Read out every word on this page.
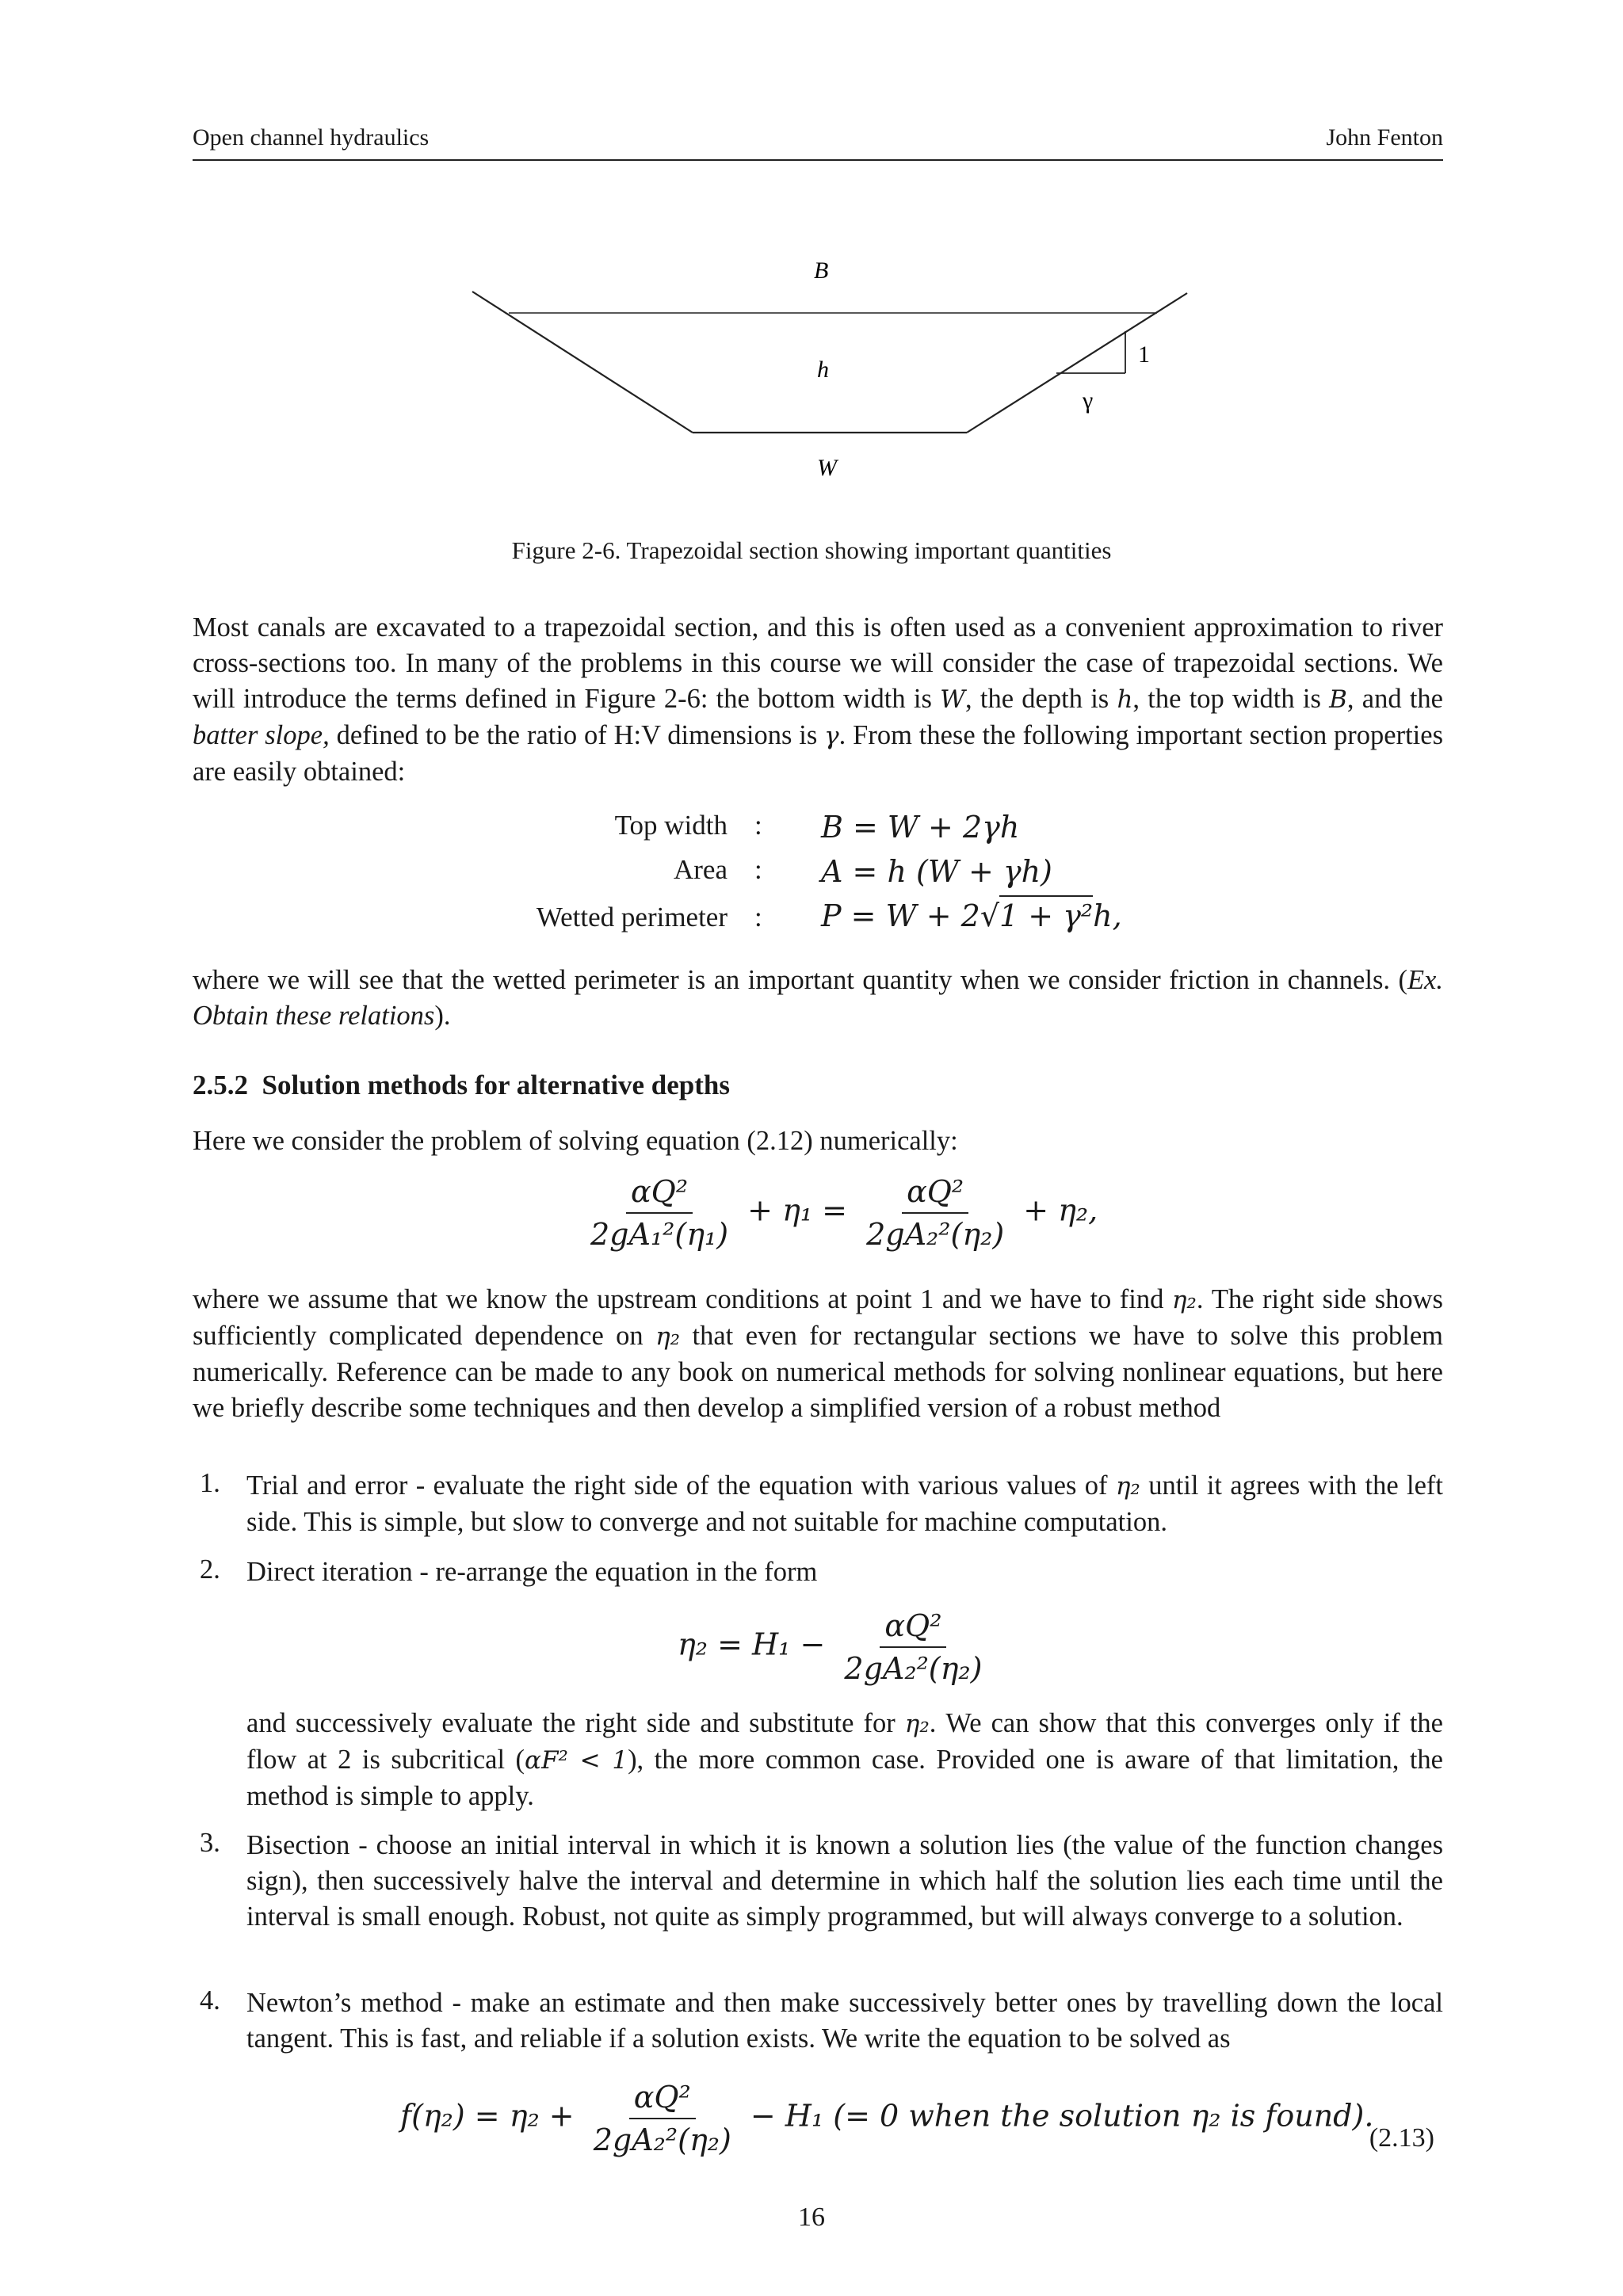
Open channel hydraulics	John Fenton
B
h
W
1
γ
Figure 2-6. Trapezoidal section showing important quantities

Most canals are excavated to a trapezoidal section, and this is often used as a convenient approximation to river cross-sections too. In many of the problems in this course we will consider the case of trapezoidal sections. We will introduce the terms defined in Figure 2-6: the bottom width is W, the depth is h, the top width is B, and the batter slope, defined to be the ratio of H:V dimensions is γ. From these the following important section properties are easily obtained:

Top width : B = W + 2γh
Area : A = h (W + γh)
Wetted perimeter : P = W + 2√1 + γ²h,

where we will see that the wetted perimeter is an important quantity when we consider friction in channels. (Ex. Obtain these relations).

2.5.2 Solution methods for alternative depths
Here we consider the problem of solving equation (2.12) numerically:
$\frac{\text{αQ²}}{\text{2gA₁²(η₁)}} + \eta_1 = \frac{\text{αQ²}}{\text{2gA₂²(η₂)}} + \eta_2$,

where we assume that we know the upstream conditions at point 1 and we have to find η₂. The right side shows sufficiently complicated dependence on η₂ that even for rectangular sections we have to solve this problem numerically. Reference can be made to any book on numerical methods for solving nonlinear equations, but here we briefly describe some techniques and then develop a simplified version of a robust method

1. Trial and error - evaluate the right side of the equation with various values of η₂ until it agrees with the left side. This is simple, but slow to converge and not suitable for machine computation.
2. Direct iteration - re-arrange the equation in the form
$\eta_2 = H_1 - \frac{\text{αQ²}}{\text{2gA₂²(η₂)}}$
and successively evaluate the right side and substitute for η₂. We can show that this converges only if the flow at 2 is subcritical (αF² < 1), the more common case. Provided one is aware of that limitation, the method is simple to apply.
3. Bisection - choose an initial interval in which it is known a solution lies (the value of the function changes sign), then successively halve the interval and determine in which half the solution lies each time until the interval is small enough. Robust, not quite as simply programmed, but will always converge to a solution.
4. Newton’s method - make an estimate and then make successively better ones by travelling down the local tangent. This is fast, and reliable if a solution exists. We write the equation to be solved as
$f(\eta_2) = \eta_2 + \frac{\text{αQ²}}{\text{2gA₂²(η₂)}} - H_1$ (= 0 when the solution η₂ is found).
(2.13)
16
